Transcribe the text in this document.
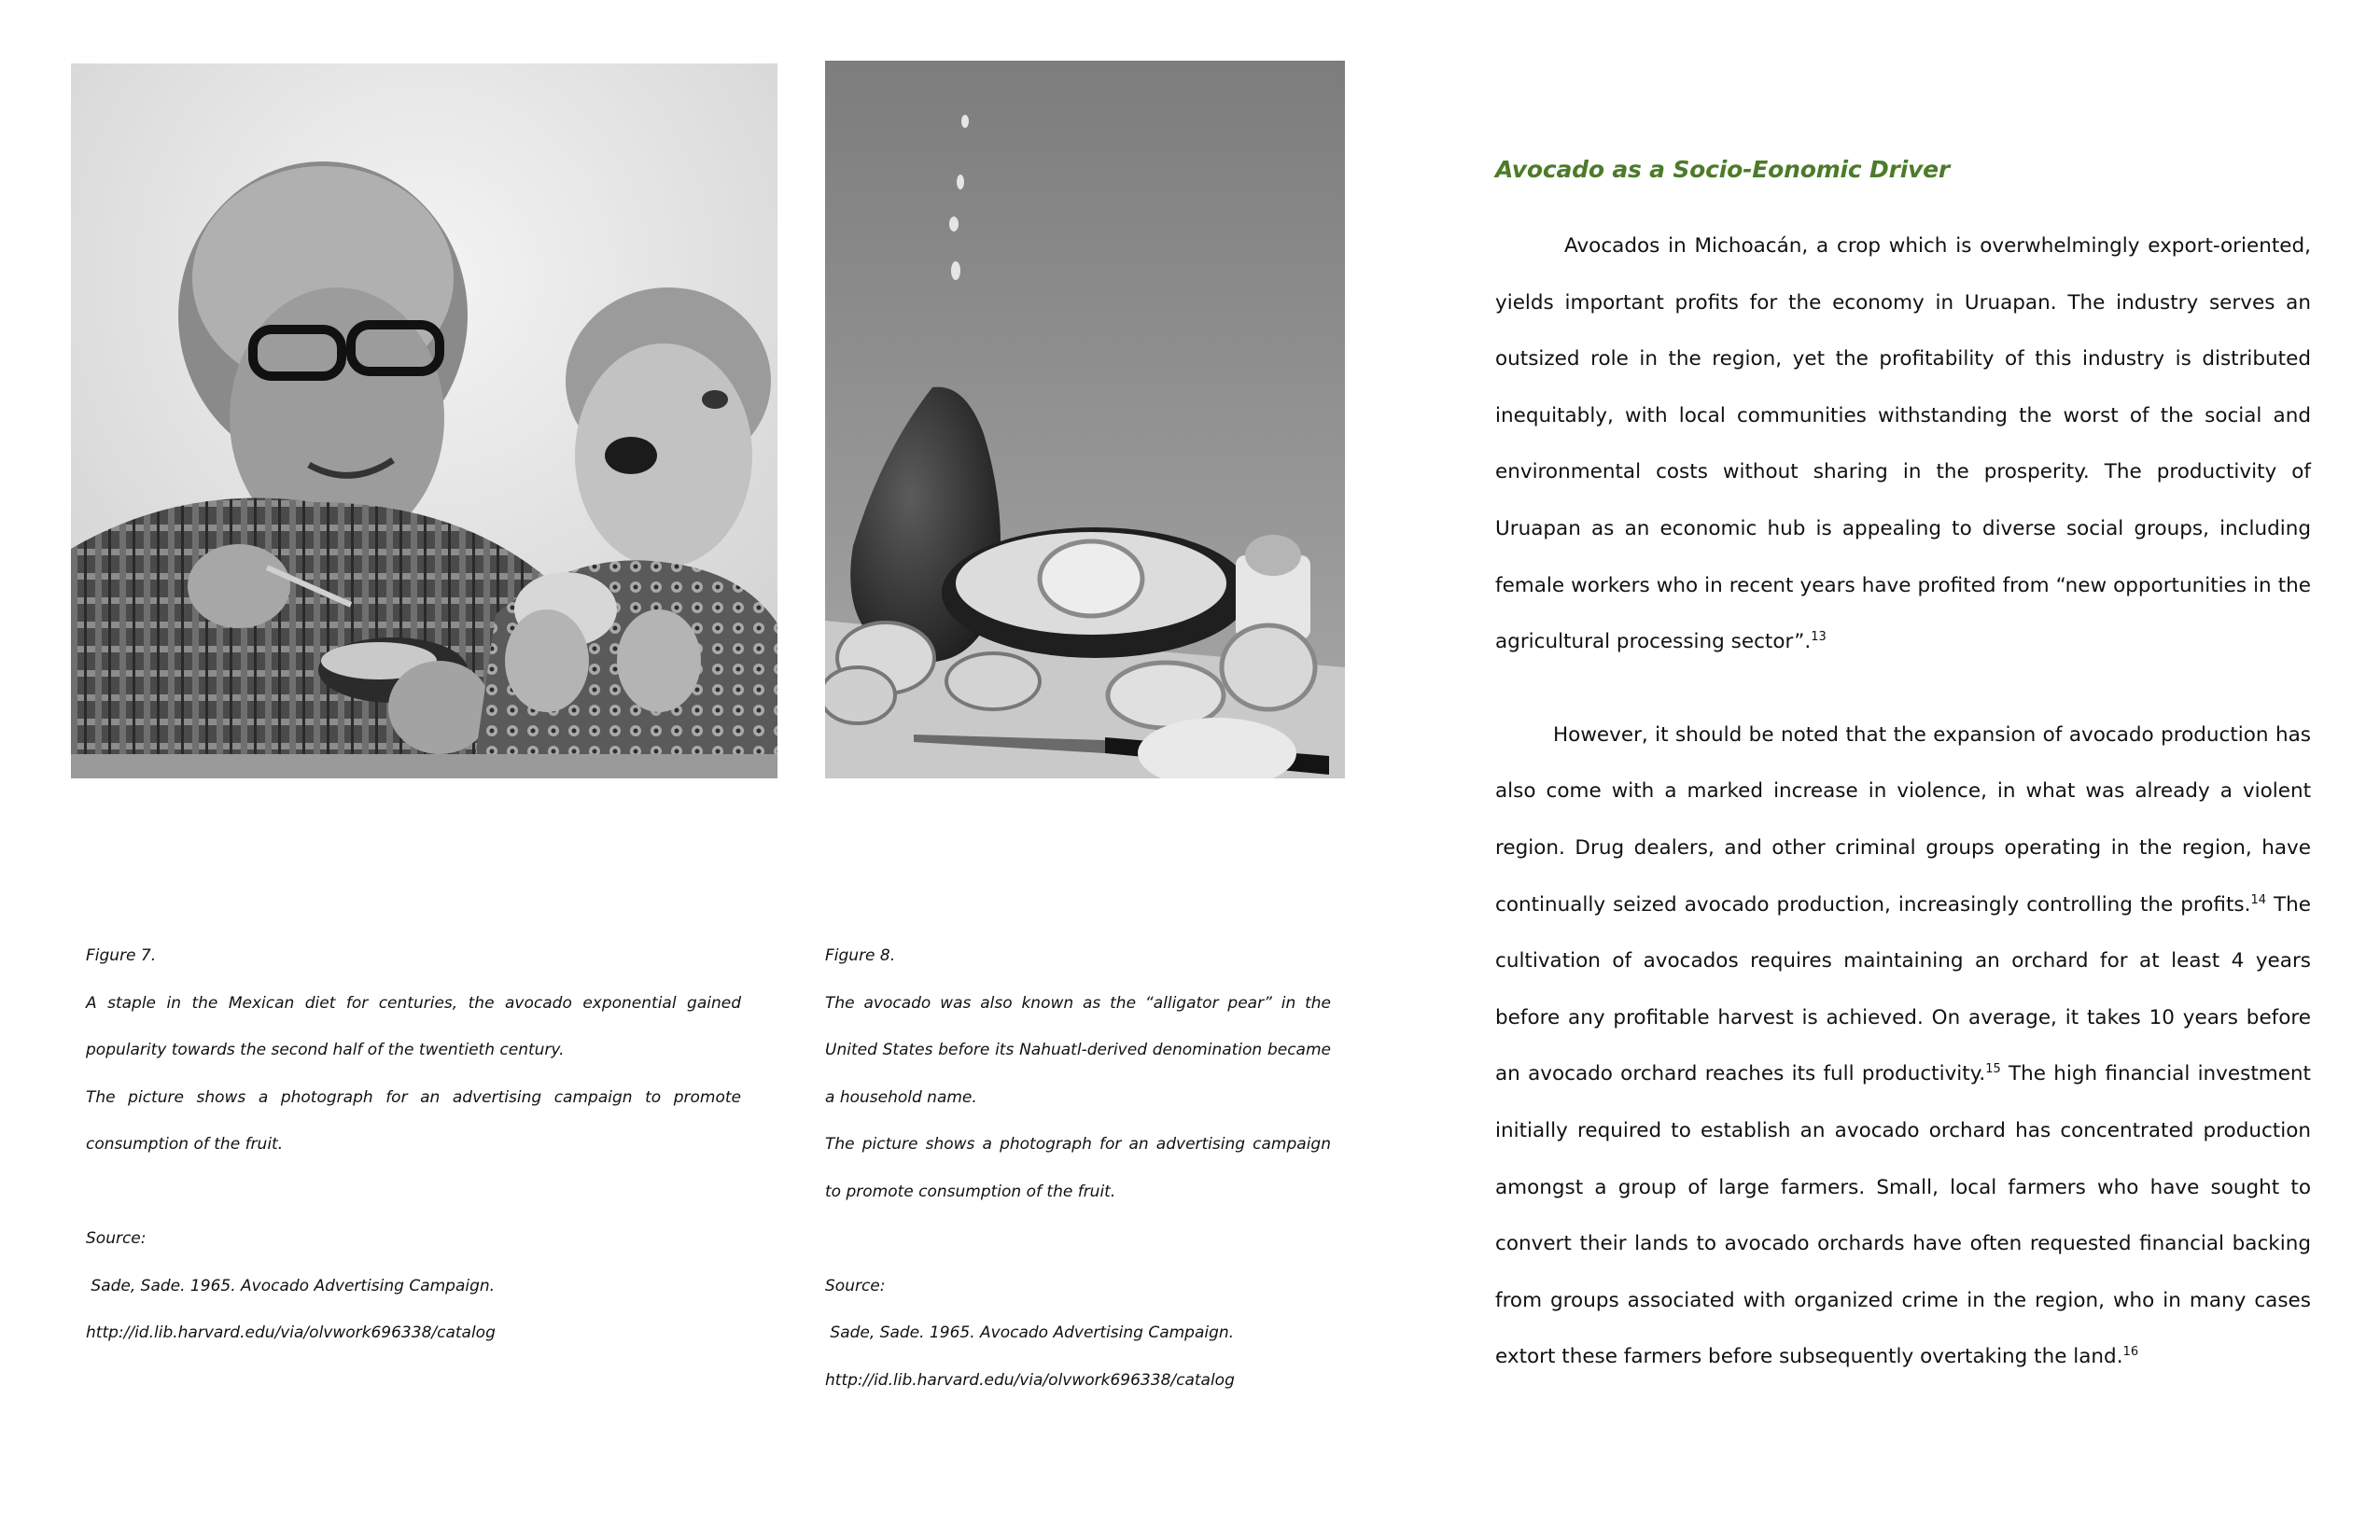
Figure 7.

A staple in the Mexican diet for centuries, the avocado exponential gained popularity towards the second half of the twentieth century.

The picture shows a photograph for an advertising campaign to promote consumption of the fruit.

Source:

Sade, Sade. 1965. Avocado Advertising Campaign.

http://id.lib.harvard.edu/via/olvwork696338/catalog

Figure 8.

The avocado was also known as the “alligator pear” in the United States before its Nahuatl-derived denomination became a household name.

The picture shows a photograph for an advertising campaign to promote consumption of the fruit.

Source:

Sade, Sade. 1965. Avocado Advertising Campaign.

http://id.lib.harvard.edu/via/olvwork696338/catalog

Avocado as a Socio-Eonomic Driver

Avocados in Michoacán, a crop which is overwhelmingly export-oriented, yields important profits for the economy in Uruapan. The industry serves an outsized role in the region, yet the profitability of this industry is distributed inequitably, with local communities withstanding the worst of the social and environmental costs without sharing in the prosperity. The productivity of Uruapan as an economic hub is appealing to diverse social groups, including female workers who in recent years have profited from “new opportunities in the agricultural processing sector”.$^{13}$

However, it should be noted that the expansion of avocado production has also come with a marked increase in violence, in what was already a violent region. Drug dealers, and other criminal groups operating in the region, have continually seized avocado production, increasingly controlling the profits.$^{14}$ The cultivation of avocados requires maintaining an orchard for at least 4 years before any profitable harvest is achieved. On average, it takes 10 years before an avocado orchard reaches its full productivity.$^{15}$ The high financial investment initially required to establish an avocado orchard has concentrated production amongst a group of large farmers. Small, local farmers who have sought to convert their lands to avocado orchards have often requested financial backing from groups associated with organized crime in the region, who in many cases extort these farmers before subsequently overtaking the land.$^{16}$
